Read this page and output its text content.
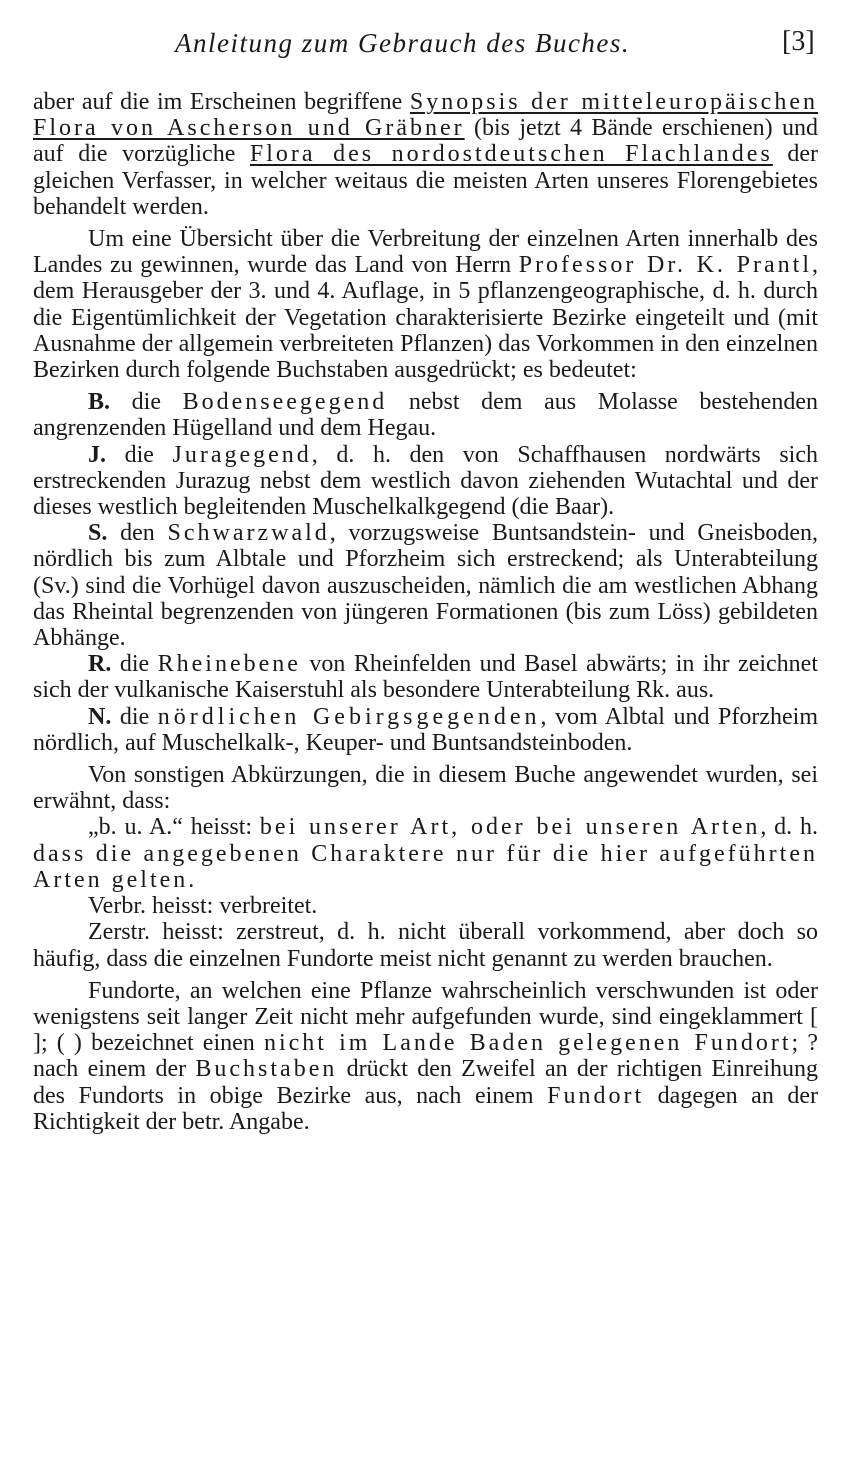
Anleitung zum Gebrauch des Buches.	[3]

aber auf die im Erscheinen begriffene Synopsis der mitteleuropäischen Flora von Ascherson und Gräbner (bis jetzt 4 Bände erschienen) und auf die vorzügliche Flora des nordostdeutschen Flachlandes der gleichen Verfasser, in welcher weitaus die meisten Arten unseres Florengebietes behandelt werden.

Um eine Übersicht über die Verbreitung der einzelnen Arten innerhalb des Landes zu gewinnen, wurde das Land von Herrn Professor Dr. K. Prantl, dem Herausgeber der 3. und 4. Auflage, in 5 pflanzengeographische, d. h. durch die Eigentümlichkeit der Vegetation charakterisierte Bezirke eingeteilt und (mit Ausnahme der allgemein verbreiteten Pflanzen) das Vorkommen in den einzelnen Bezirken durch folgende Buchstaben ausgedrückt; es bedeutet:

B. die Bodenseegegend nebst dem aus Molasse bestehenden angrenzenden Hügelland und dem Hegau.

J. die Juragegend, d. h. den von Schaffhausen nordwärts sich erstreckenden Jurazug nebst dem westlich davon ziehenden Wutachtal und der dieses westlich begleitenden Muschelkalkgegend (die Baar).

S. den Schwarzwald, vorzugsweise Buntsandstein- und Gneisboden, nördlich bis zum Albtale und Pforzheim sich erstreckend; als Unterabteilung (Sv.) sind die Vorhügel davon auszuscheiden, nämlich die am westlichen Abhang das Rheintal begrenzenden von jüngeren Formationen (bis zum Löss) gebildeten Abhänge.

R. die Rheinebene von Rheinfelden und Basel abwärts; in ihr zeichnet sich der vulkanische Kaiserstuhl als besondere Unterabteilung Rk. aus.

N. die nördlichen Gebirgsgegenden, vom Albtal und Pforzheim nördlich, auf Muschelkalk-, Keuper- und Buntsandsteinboden.

Von sonstigen Abkürzungen, die in diesem Buche angewendet wurden, sei erwähnt, dass:

„b. u. A.“ heisst: bei unserer Art, oder bei unseren Arten, d. h. dass die angegebenen Charaktere nur für die hier aufgeführten Arten gelten.

Verbr. heisst: verbreitet.

Zerstr. heisst: zerstreut, d. h. nicht überall vorkommend, aber doch so häufig, dass die einzelnen Fundorte meist nicht genannt zu werden brauchen.

Fundorte, an welchen eine Pflanze wahrscheinlich verschwunden ist oder wenigstens seit langer Zeit nicht mehr aufgefunden wurde, sind eingeklammert [ ]; ( ) bezeichnet einen nicht im Lande Baden gelegenen Fundort; ? nach einem der Buchstaben drückt den Zweifel an der richtigen Einreihung des Fundorts in obige Bezirke aus, nach einem Fundort dagegen an der Richtigkeit der betr. Angabe.
